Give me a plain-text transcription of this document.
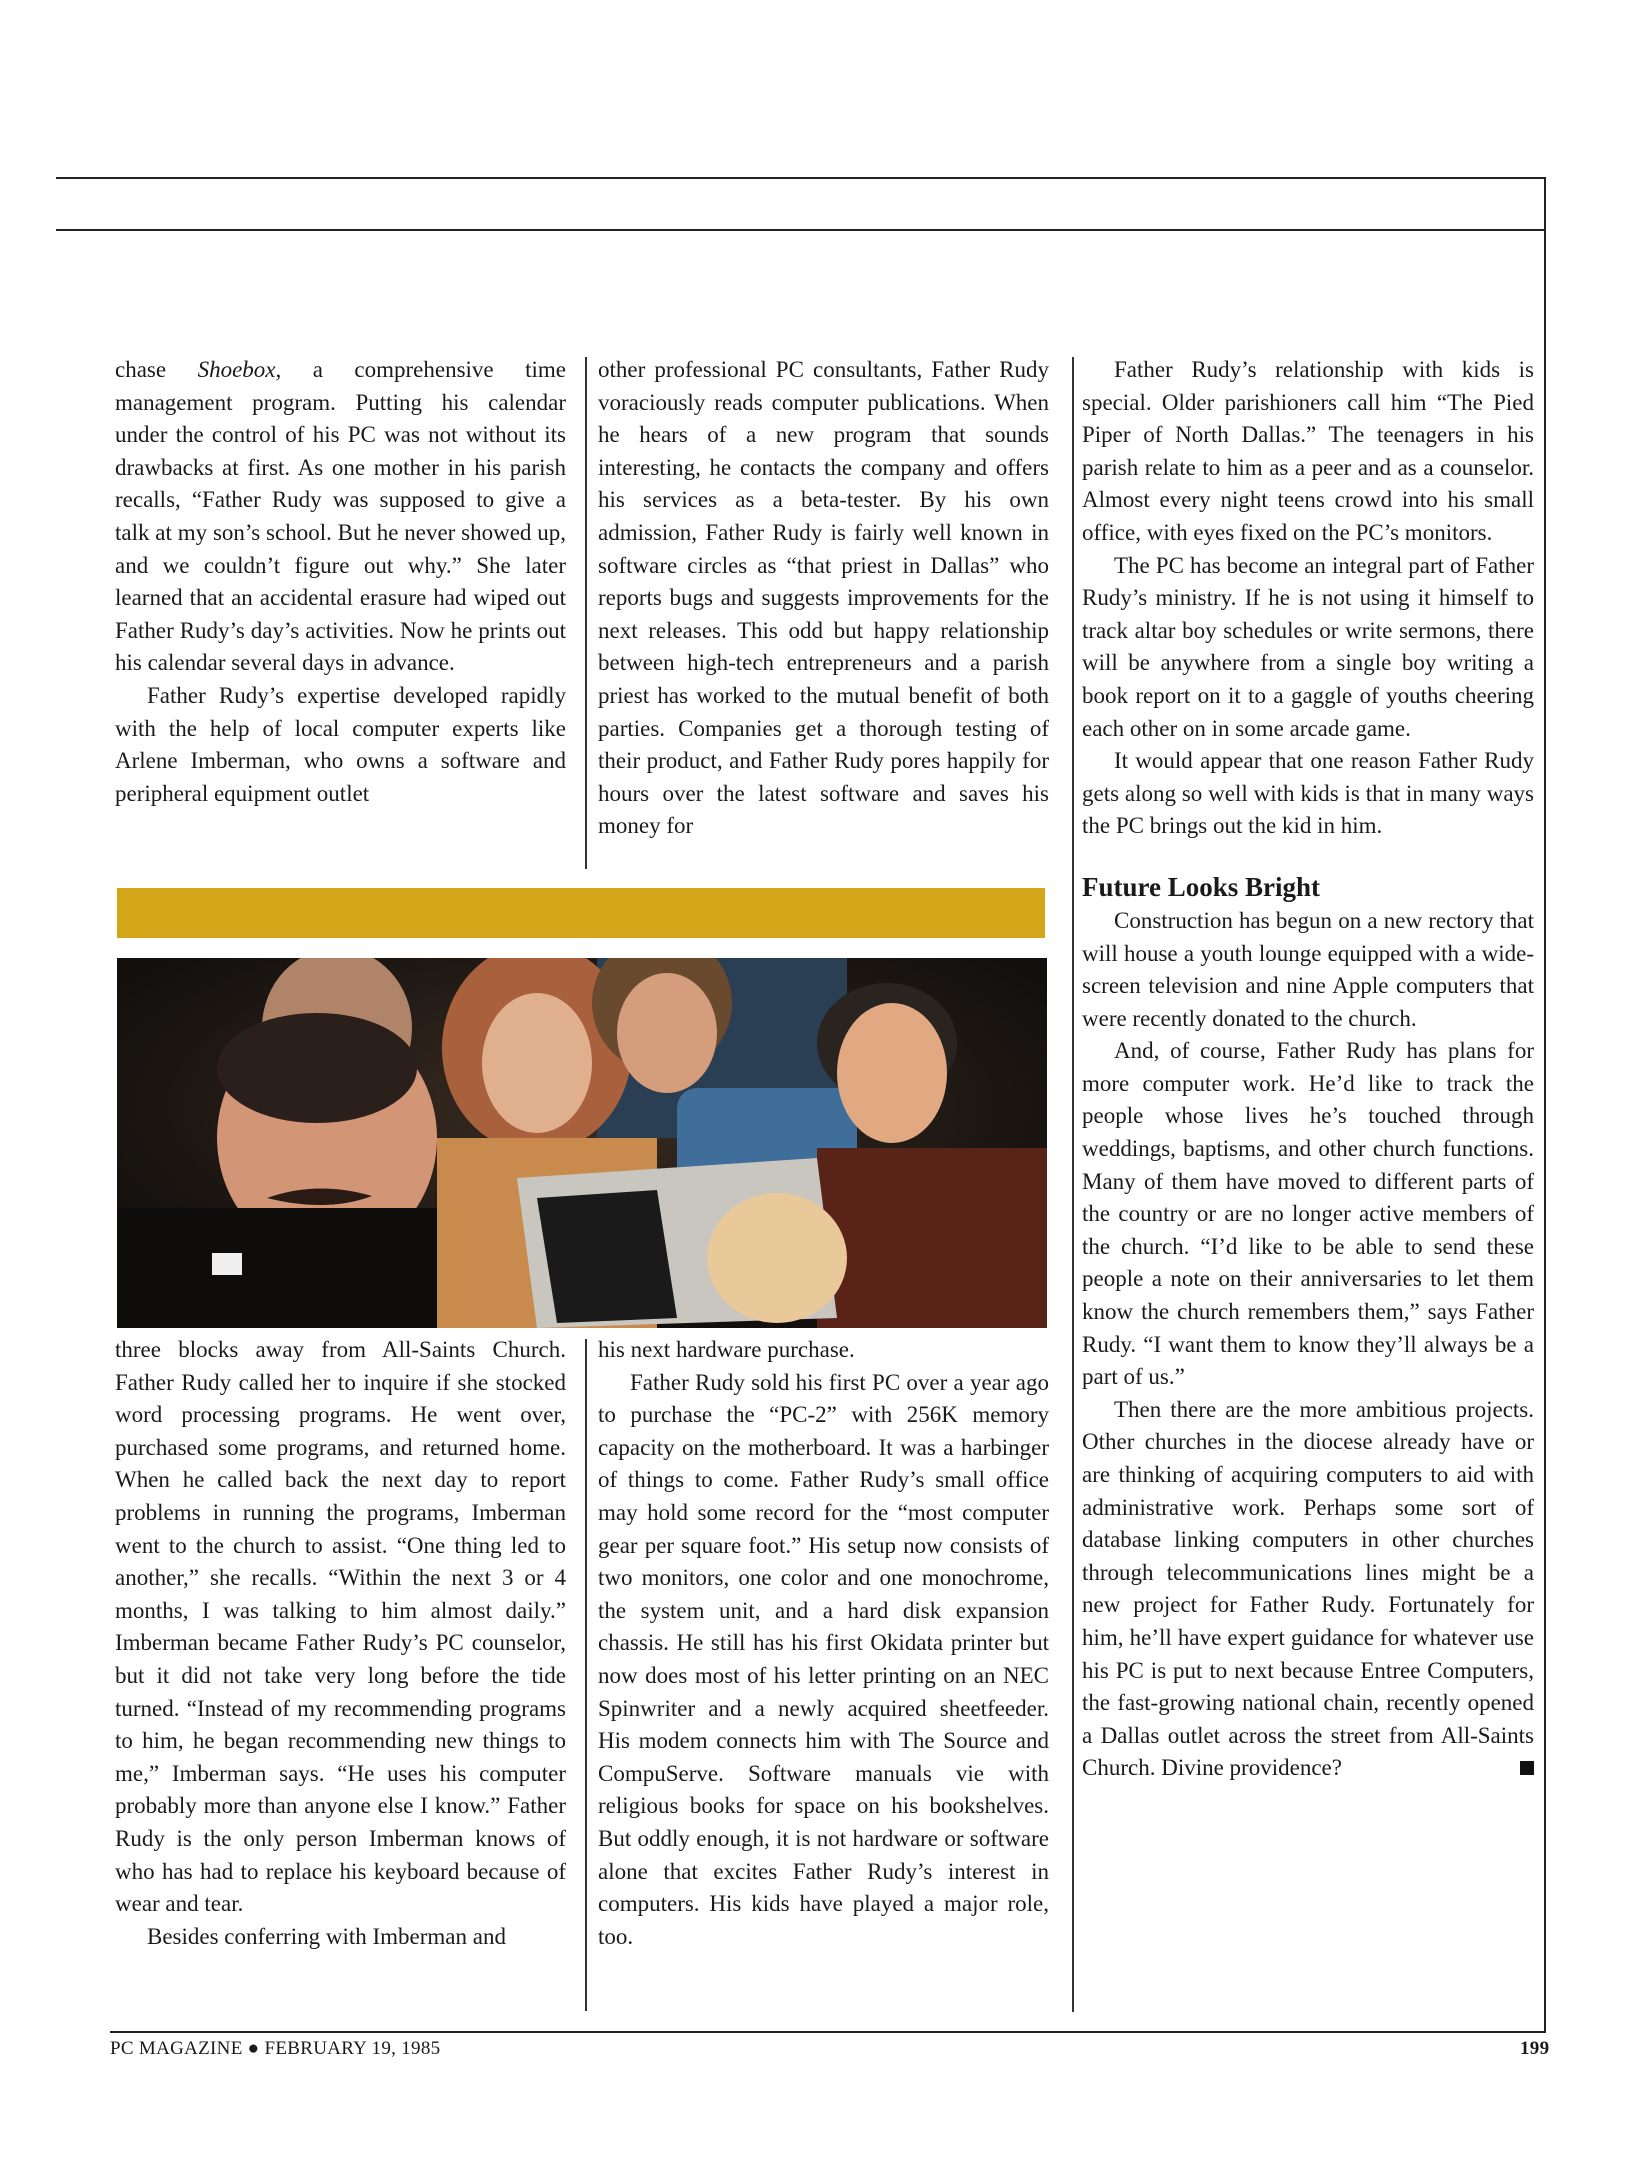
chase Shoebox, a comprehensive time management program. Putting his calendar under the control of his PC was not without its drawbacks at first. As one mother in his parish recalls, “Father Rudy was supposed to give a talk at my son’s school. But he never showed up, and we couldn’t figure out why.” She later learned that an accidental erasure had wiped out Father Rudy’s day’s activities. Now he prints out his calendar several days in advance.

Father Rudy’s expertise developed rapidly with the help of local computer experts like Arlene Imberman, who owns a software and peripheral equipment outlet

other professional PC consultants, Father Rudy voraciously reads computer publications. When he hears of a new program that sounds interesting, he contacts the company and offers his services as a beta-tester. By his own admission, Father Rudy is fairly well known in software circles as “that priest in Dallas” who reports bugs and suggests improvements for the next releases. This odd but happy relationship between high-tech entrepreneurs and a parish priest has worked to the mutual benefit of both parties. Companies get a thorough testing of their product, and Father Rudy pores happily for hours over the latest software and saves his money for

three blocks away from All-Saints Church. Father Rudy called her to inquire if she stocked word processing programs. He went over, purchased some programs, and returned home. When he called back the next day to report problems in running the programs, Imberman went to the church to assist. “One thing led to another,” she recalls. “Within the next 3 or 4 months, I was talking to him almost daily.” Imberman became Father Rudy’s PC counselor, but it did not take very long before the tide turned. “Instead of my recommending programs to him, he began recommending new things to me,” Imberman says. “He uses his computer probably more than anyone else I know.” Father Rudy is the only person Imberman knows of who has had to replace his keyboard because of wear and tear.

Besides conferring with Imberman and

his next hardware purchase.

Father Rudy sold his first PC over a year ago to purchase the “PC-2” with 256K memory capacity on the motherboard. It was a harbinger of things to come. Father Rudy’s small office may hold some record for the “most computer gear per square foot.” His setup now consists of two monitors, one color and one monochrome, the system unit, and a hard disk expansion chassis. He still has his first Okidata printer but now does most of his letter printing on an NEC Spinwriter and a newly acquired sheetfeeder. His modem connects him with The Source and CompuServe. Software manuals vie with religious books for space on his bookshelves. But oddly enough, it is not hardware or software alone that excites Father Rudy’s interest in computers. His kids have played a major role, too.

Father Rudy’s relationship with kids is special. Older parishioners call him “The Pied Piper of North Dallas.” The teenagers in his parish relate to him as a peer and as a counselor. Almost every night teens crowd into his small office, with eyes fixed on the PC’s monitors.

The PC has become an integral part of Father Rudy’s ministry. If he is not using it himself to track altar boy schedules or write sermons, there will be anywhere from a single boy writing a book report on it to a gaggle of youths cheering each other on in some arcade game.

It would appear that one reason Father Rudy gets along so well with kids is that in many ways the PC brings out the kid in him.

Future Looks Bright

Construction has begun on a new rectory that will house a youth lounge equipped with a wide-screen television and nine Apple computers that were recently donated to the church.

And, of course, Father Rudy has plans for more computer work. He’d like to track the people whose lives he’s touched through weddings, baptisms, and other church functions. Many of them have moved to different parts of the country or are no longer active members of the church. “I’d like to be able to send these people a note on their anniversaries to let them know the church remembers them,” says Father Rudy. “I want them to know they’ll always be a part of us.”

Then there are the more ambitious projects. Other churches in the diocese already have or are thinking of acquiring computers to aid with administrative work. Perhaps some sort of database linking computers in other churches through telecommunications lines might be a new project for Father Rudy. Fortunately for him, he’ll have expert guidance for whatever use his PC is put to next because Entree Computers, the fast-growing national chain, recently opened a Dallas outlet across the street from All-Saints Church. Divine providence?

PC MAGAZINE ● FEBRUARY 19, 1985	199
